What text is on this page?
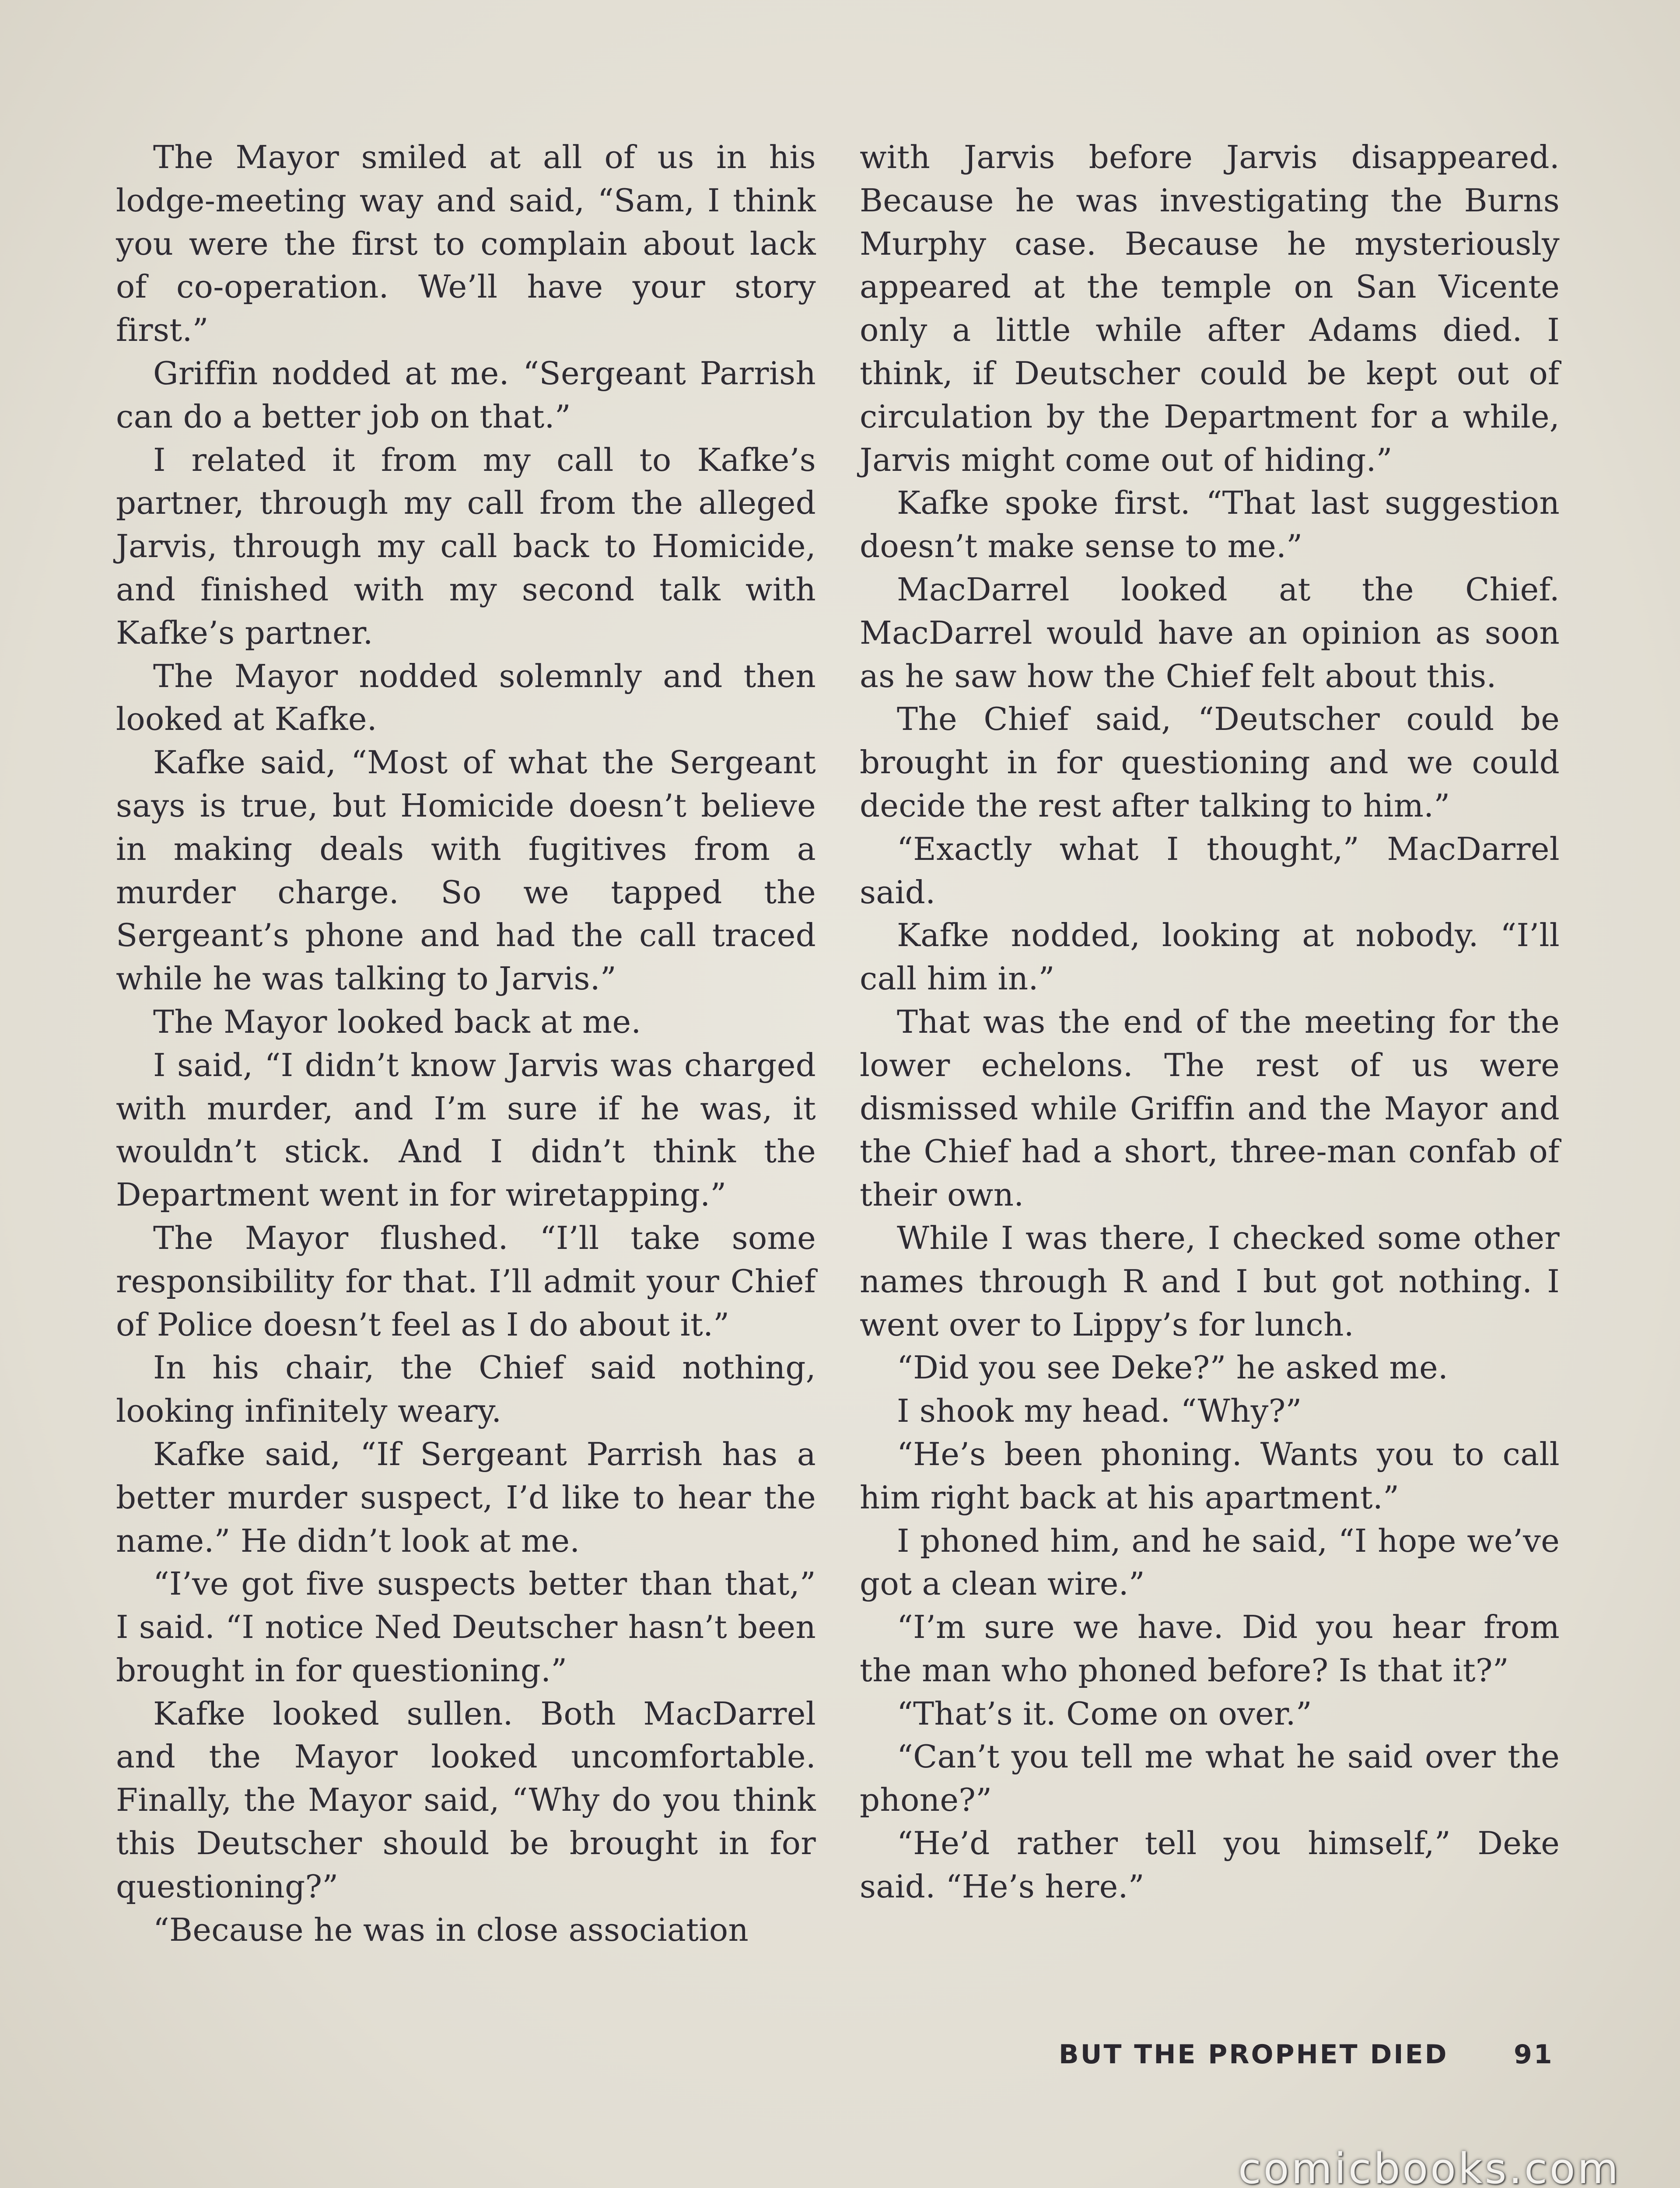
The Mayor smiled at all of us in his lodge-meeting way and said, “Sam, I think you were the first to complain about lack of co-operation. We’ll have your story first.”

Griffin nodded at me. “Sergeant Parrish can do a better job on that.”

I related it from my call to Kafke’s partner, through my call from the alleged Jarvis, through my call back to Homicide, and finished with my second talk with Kafke’s partner.

The Mayor nodded solemnly and then looked at Kafke.

Kafke said, “Most of what the Sergeant says is true, but Homicide doesn’t believe in making deals with fugitives from a murder charge. So we tapped the Sergeant’s phone and had the call traced while he was talking to Jarvis.”

The Mayor looked back at me.

I said, “I didn’t know Jarvis was charged with murder, and I’m sure if he was, it wouldn’t stick. And I didn’t think the Department went in for wiretapping.”

The Mayor flushed. “I’ll take some responsibility for that. I’ll admit your Chief of Police doesn’t feel as I do about it.”

In his chair, the Chief said nothing, looking infinitely weary.

Kafke said, “If Sergeant Parrish has a better murder suspect, I’d like to hear the name.” He didn’t look at me.

“I’ve got five suspects better than that,” I said. “I notice Ned Deutscher hasn’t been brought in for questioning.”

Kafke looked sullen. Both MacDarrel and the Mayor looked uncomfortable. Finally, the Mayor said, “Why do you think this Deutscher should be brought in for questioning?”

“Because he was in close association

with Jarvis before Jarvis disappeared. Because he was investigating the Burns Murphy case. Because he mysteriously appeared at the temple on San Vicente only a little while after Adams died. I think, if Deutscher could be kept out of circulation by the Department for a while, Jarvis might come out of hiding.”

Kafke spoke first. “That last suggestion doesn’t make sense to me.”

MacDarrel looked at the Chief. MacDarrel would have an opinion as soon as he saw how the Chief felt about this.

The Chief said, “Deutscher could be brought in for questioning and we could decide the rest after talking to him.”

“Exactly what I thought,” MacDarrel said.

Kafke nodded, looking at nobody. “I’ll call him in.”

That was the end of the meeting for the lower echelons. The rest of us were dismissed while Griffin and the Mayor and the Chief had a short, three-man confab of their own.

While I was there, I checked some other names through R and I but got nothing. I went over to Lippy’s for lunch.

“Did you see Deke?” he asked me.

I shook my head. “Why?”

“He’s been phoning. Wants you to call him right back at his apartment.”

I phoned him, and he said, “I hope we’ve got a clean wire.”

“I’m sure we have. Did you hear from the man who phoned before? Is that it?”

“That’s it. Come on over.”

“Can’t you tell me what he said over the phone?”

“He’d rather tell you himself,” Deke said. “He’s here.”

BUT THE PROPHET DIED 91
comicbooks.com
